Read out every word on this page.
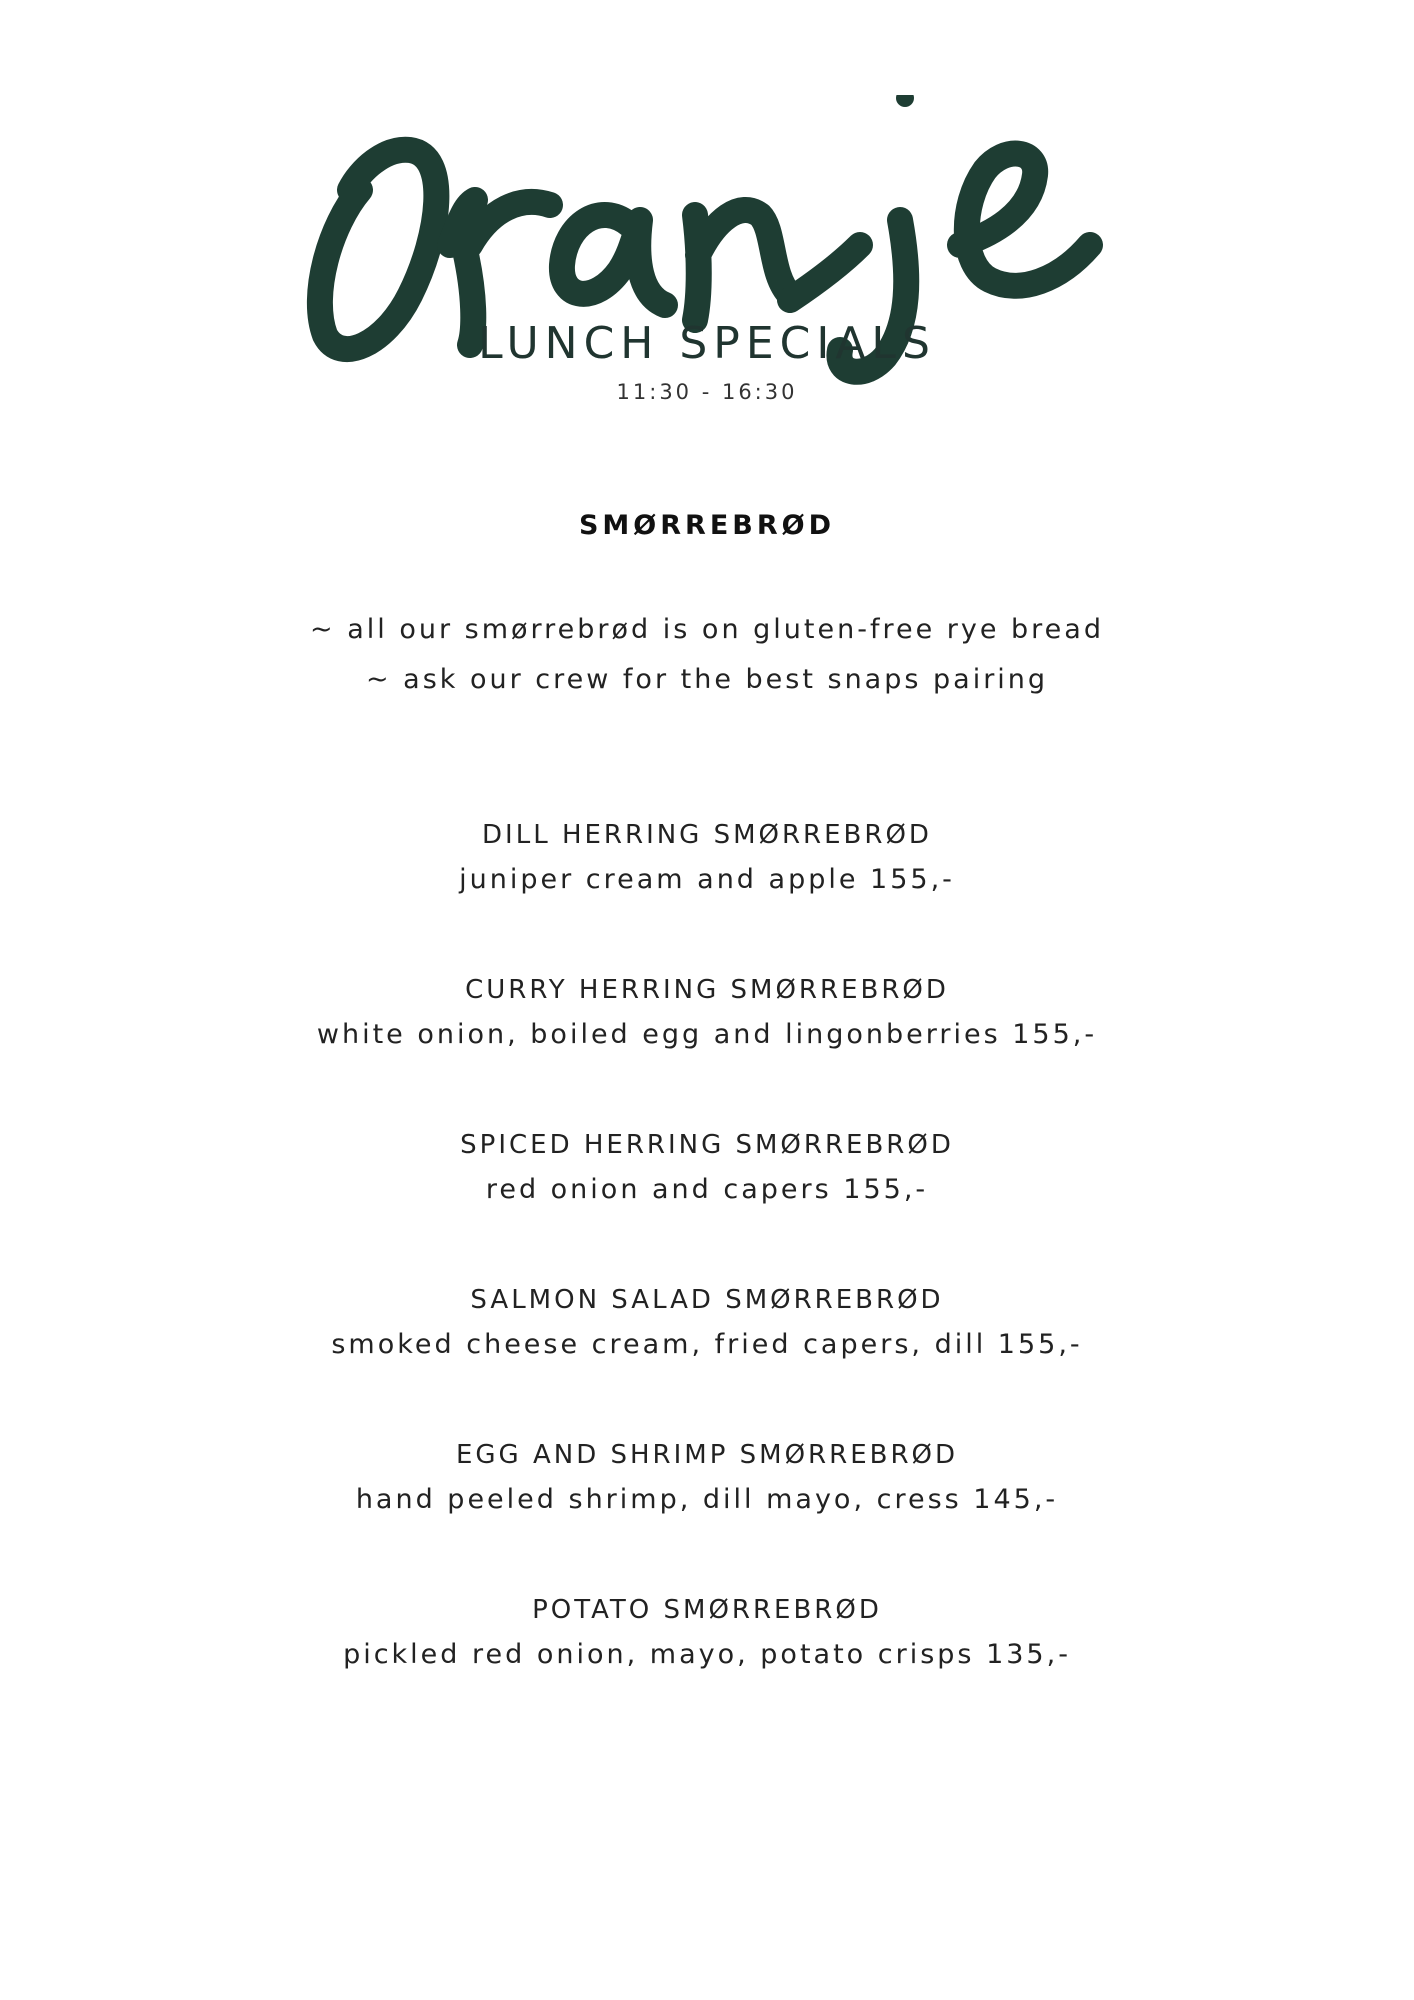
LUNCH SPECIALS
11:30 - 16:30
SMØRREBRØD
~ all our smørrebrød is on gluten-free rye bread
~ ask our crew for the best snaps pairing
DILL HERRING SMØRREBRØD
juniper cream and apple 155,-
CURRY HERRING SMØRREBRØD
white onion, boiled egg and lingonberries 155,-
SPICED HERRING SMØRREBRØD
red onion and capers 155,-
SALMON SALAD SMØRREBRØD
smoked cheese cream, fried capers, dill 155,-
EGG AND SHRIMP SMØRREBRØD
hand peeled shrimp, dill mayo, cress 145,-
POTATO SMØRREBRØD
pickled red onion, mayo, potato crisps 135,-
